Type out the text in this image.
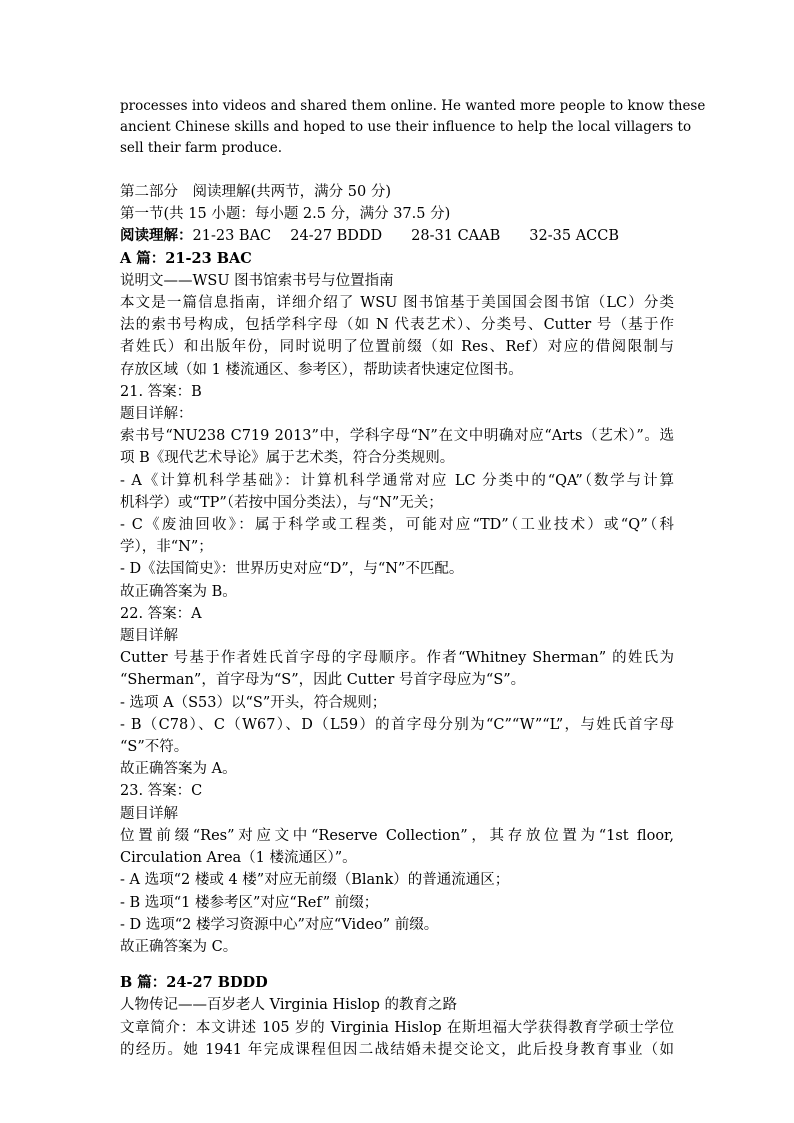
processes into videos and shared them online. He wanted more people to know these

ancient Chinese skills and hoped to use their influence to help the local villagers to

sell their farm produce.

第二部分　阅读理解(共两节，满分 50 分)

第一节(共 15 小题：每小题 2.5 分，满分 37.5 分)

阅读理解：21-23 BAC　 24-27 BDDD　　28-31 CAAB　　32-35 ACCB

A 篇：21-23 BAC

说明文——WSU 图书馆索书号与位置指南

本文是一篇信息指南，详细介绍了 WSU 图书馆基于美国国会图书馆（LC）分类

法的索书号构成，包括学科字母（如 N 代表艺术）、分类号、Cutter 号（基于作

者姓氏）和出版年份，同时说明了位置前缀（如 Res、Ref）对应的借阅限制与

存放区域（如 1 楼流通区、参考区），帮助读者快速定位图书。

21. 答案：B

题目详解：

索书号“NU238 C719 2013”中，学科字母“N”在文中明确对应“Arts（艺术）”。选

项 B《现代艺术导论》属于艺术类，符合分类规则。

- A《计算机科学基础》：计算机科学通常对应 LC 分类中的“QA”（数学与计算

机科学）或“TP”（若按中国分类法），与“N”无关；

- C《废油回收》：属于科学或工程类，可能对应“TD”（工业技术）或“Q”（科

学），非“N”；

- D《法国简史》：世界历史对应“D”，与“N”不匹配。

故正确答案为 B。

22. 答案：A

题目详解

Cutter 号基于作者姓氏首字母的字母顺序。作者“Whitney Sherman” 的姓氏为

“Sherman”，首字母为“S”，因此 Cutter 号首字母应为“S”。

- 选项 A（S53）以“S”开头，符合规则；

- B（C78）、C（W67）、D（L59）的首字母分别为“C”“W”“L”，与姓氏首字母

“S”不符。

故正确答案为 A。

23. 答案：C

题目详解

位置前缀“Res”对应文中“Reserve Collection”，其存放位置为“1st floor,

Circulation Area（1 楼流通区）”。

- A 选项“2 楼或 4 楼”对应无前缀（Blank）的普通流通区；

- B 选项“1 楼参考区”对应“Ref” 前缀；

- D 选项“2 楼学习资源中心”对应“Video” 前缀。

故正确答案为 C。

B 篇：24-27 BDDD

人物传记——百岁老人 Virginia Hislop 的教育之路

文章简介：本文讲述 105 岁的 Virginia Hislop 在斯坦福大学获得教育学硕士学位

的经历。她 1941 年完成课程但因二战结婚未提交论文，此后投身教育事业（如
